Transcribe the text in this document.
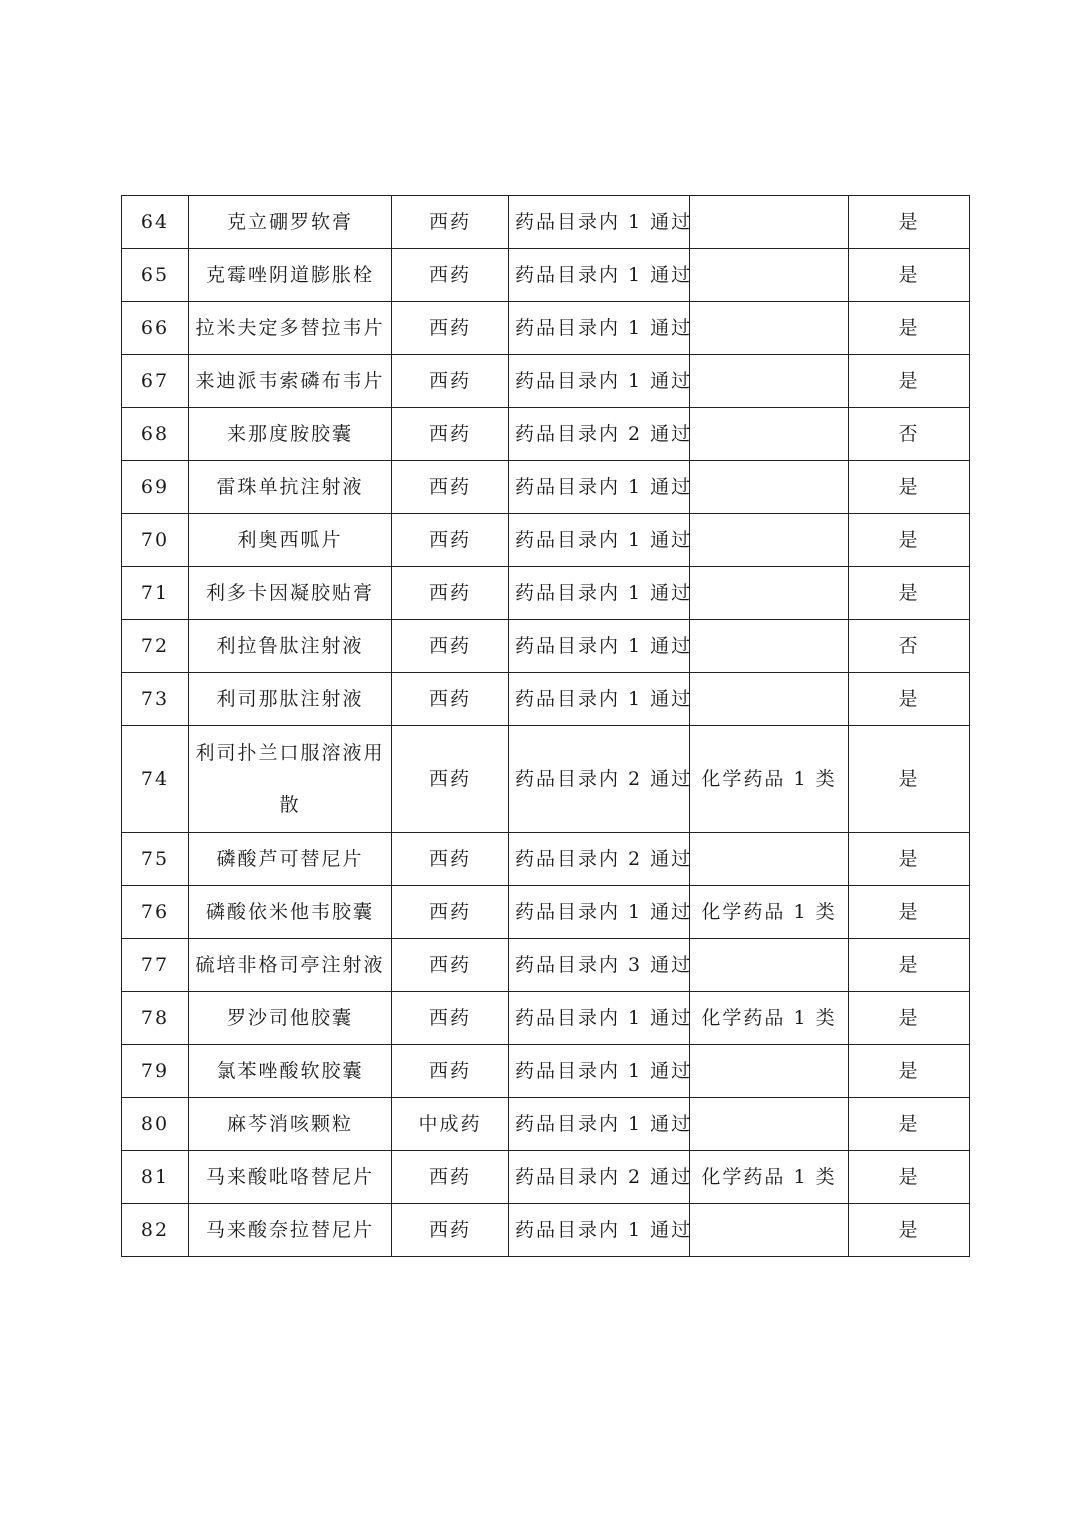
64	克立硼罗软膏	西药	药品目录内 1 通过		是
65	克霉唑阴道膨胀栓	西药	药品目录内 1 通过		是
66	拉米夫定多替拉韦片	西药	药品目录内 1 通过		是
67	来迪派韦索磷布韦片	西药	药品目录内 1 通过		是
68	来那度胺胶囊	西药	药品目录内 2 通过		否
69	雷珠单抗注射液	西药	药品目录内 1 通过		是
70	利奥西呱片	西药	药品目录内 1 通过		是
71	利多卡因凝胶贴膏	西药	药品目录内 1 通过		是
72	利拉鲁肽注射液	西药	药品目录内 1 通过		否
73	利司那肽注射液	西药	药品目录内 1 通过		是
74	利司扑兰口服溶液用散	西药	药品目录内 2 通过	化学药品 1 类	是
75	磷酸芦可替尼片	西药	药品目录内 2 通过		是
76	磷酸依米他韦胶囊	西药	药品目录内 1 通过	化学药品 1 类	是
77	硫培非格司亭注射液	西药	药品目录内 3 通过		是
78	罗沙司他胶囊	西药	药品目录内 1 通过	化学药品 1 类	是
79	氯苯唑酸软胶囊	西药	药品目录内 1 通过		是
80	麻芩消咳颗粒	中成药	药品目录内 1 通过		是
81	马来酸吡咯替尼片	西药	药品目录内 2 通过	化学药品 1 类	是
82	马来酸奈拉替尼片	西药	药品目录内 1 通过		是
